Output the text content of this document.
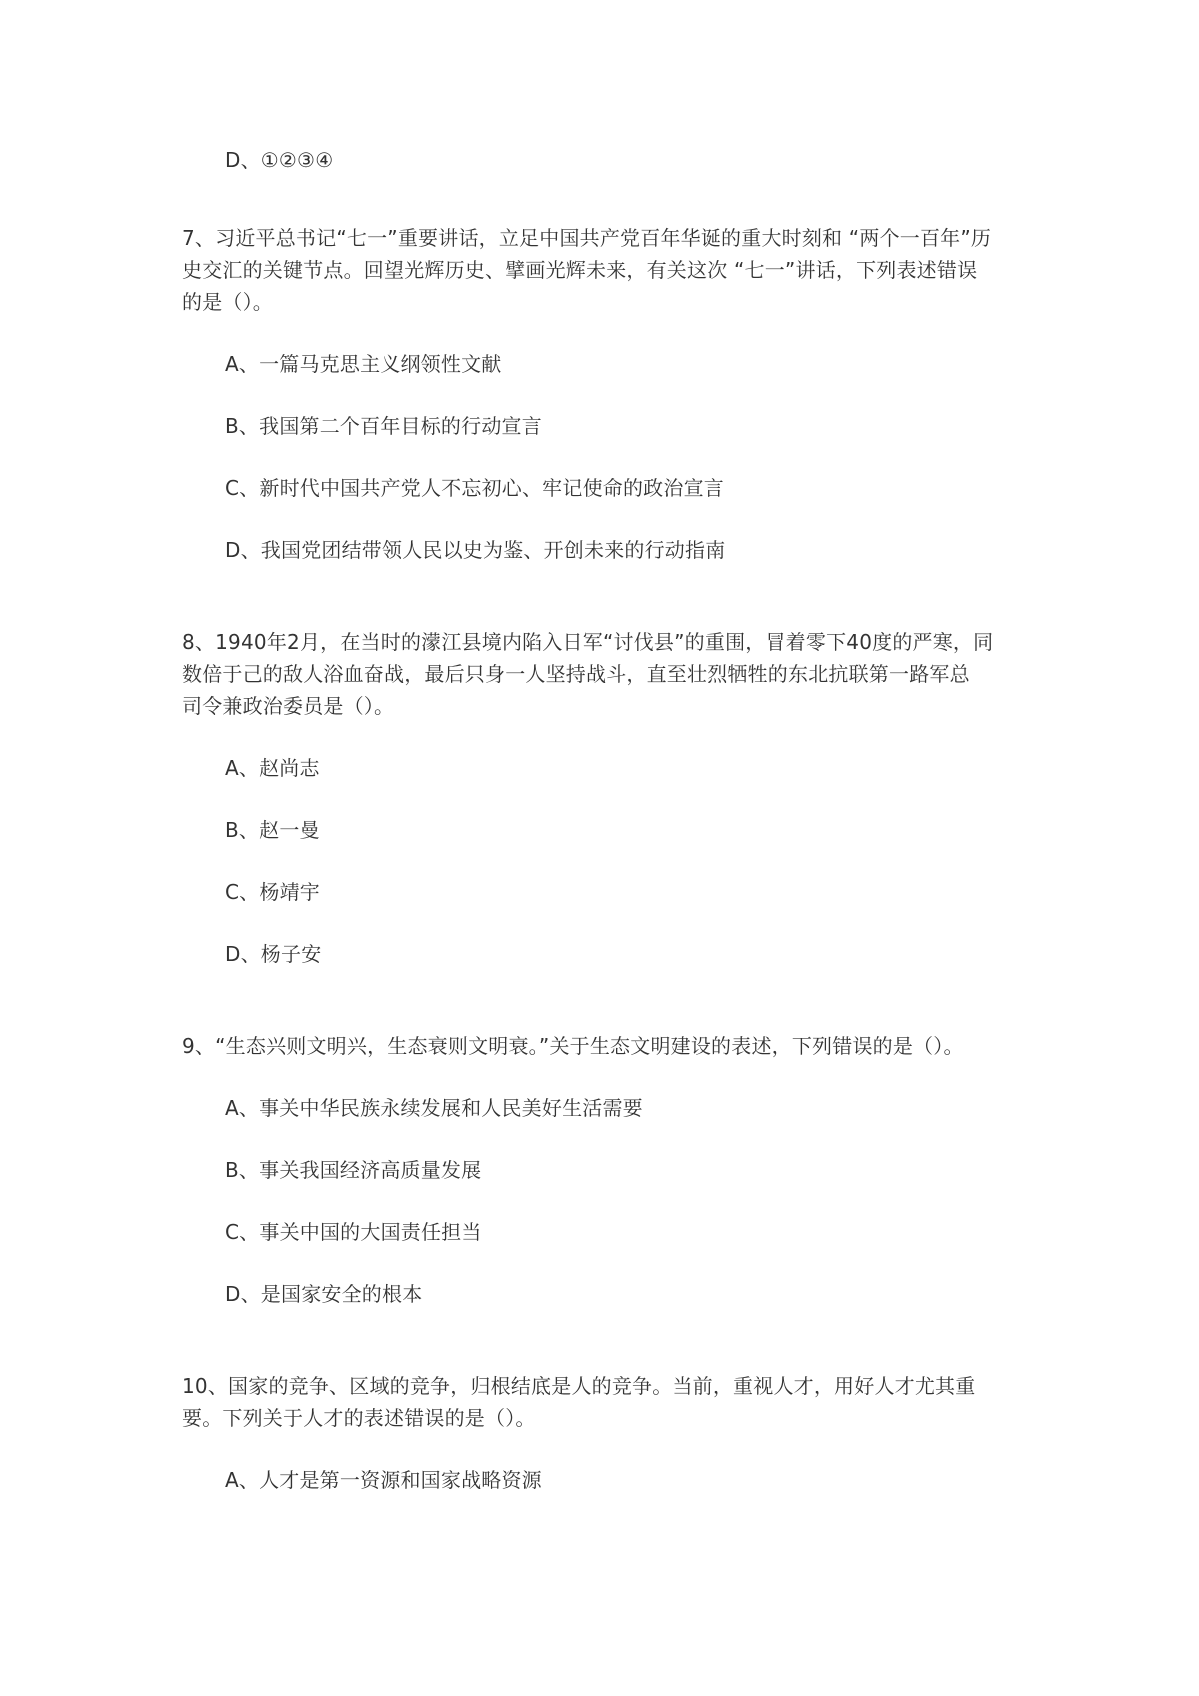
D、①②③④
7、习近平总书记“七一”重要讲话，立足中国共产党百年华诞的重大时刻和 “两个一百年”历
史交汇的关键节点。回望光辉历史、擘画光辉未来，有关这次 “七一”讲话，下列表述错误
的是（）。
A、一篇马克思主义纲领性文献
B、我国第二个百年目标的行动宣言
C、新时代中国共产党人不忘初心、牢记使命的政治宣言
D、我国党团结带领人民以史为鉴、开创未来的行动指南
8、1940年2月，在当时的濛江县境内陷入日军“讨伐县”的重围，冒着零下40度的严寒，同
数倍于己的敌人浴血奋战，最后只身一人坚持战斗，直至壮烈牺牲的东北抗联第一路军总
司令兼政治委员是（）。
A、赵尚志
B、赵一曼
C、杨靖宇
D、杨子安
9、“生态兴则文明兴，生态衰则文明衰。”关于生态文明建设的表述，下列错误的是（）。
A、事关中华民族永续发展和人民美好生活需要
B、事关我国经济高质量发展
C、事关中国的大国责任担当
D、是国家安全的根本
10、国家的竞争、区域的竞争，归根结底是人的竞争。当前，重视人才，用好人才尤其重
要。下列关于人才的表述错误的是（）。
A、人才是第一资源和国家战略资源
